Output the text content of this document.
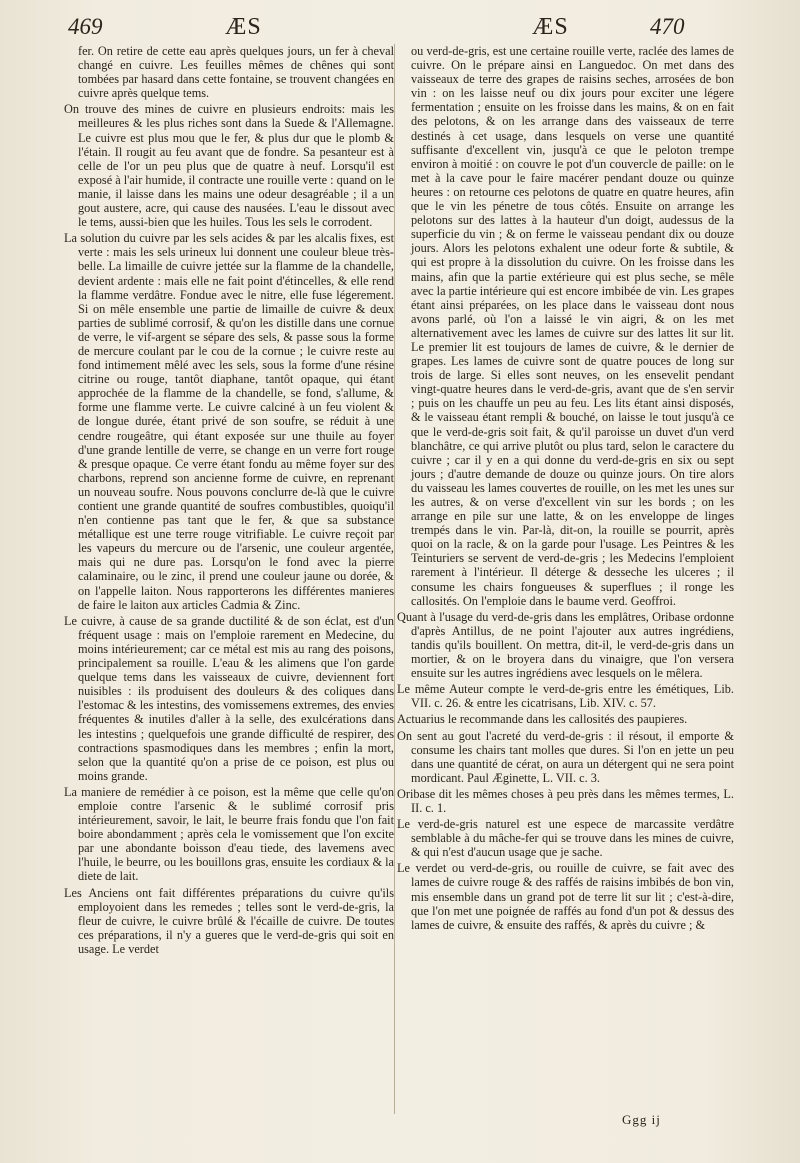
469	ÆS	ÆS	470

fer. On retire de cette eau après quelques jours, un fer à cheval changé en cuivre. Les feuilles mêmes de chênes qui sont tombées par hasard dans cette fontaine, se trouvent changées en cuivre après quelque tems.

On trouve des mines de cuivre en plusieurs endroits: mais les meilleures & les plus riches sont dans la Suede & l'Allemagne. Le cuivre est plus mou que le fer, & plus dur que le plomb & l'étain. Il rougit au feu avant que de fondre. Sa pesanteur est à celle de l'or un peu plus que de quatre à neuf. Lorsqu'il est exposé à l'air humide, il contracte une rouille verte : quand on le manie, il laisse dans les mains une odeur desagréable ; il a un gout austere, acre, qui cause des nausées. L'eau le dissout avec le tems, aussi-bien que les huiles. Tous les sels le corrodent.

La solution du cuivre par les sels acides & par les alcalis fixes, est verte : mais les sels urineux lui donnent une couleur bleue très-belle. La limaille de cuivre jettée sur la flamme de la chandelle, devient ardente : mais elle ne fait point d'étincelles, & elle rend la flamme verdâtre. Fondue avec le nitre, elle fuse légerement. Si on mêle ensemble une partie de limaille de cuivre & deux parties de sublimé corrosif, & qu'on les distille dans une cornue de verre, le vif-argent se sépare des sels, & passe sous la forme de mercure coulant par le cou de la cornue ; le cuivre reste au fond intimement mêlé avec les sels, sous la forme d'une résine citrine ou rouge, tantôt diaphane, tantôt opaque, qui étant approchée de la flamme de la chandelle, se fond, s'allume, & forme une flamme verte. Le cuivre calciné à un feu violent & de longue durée, étant privé de son soufre, se réduit à une cendre rougeâtre, qui étant exposée sur une thuile au foyer d'une grande lentille de verre, se change en un verre fort rouge & presque opaque. Ce verre étant fondu au même foyer sur des charbons, reprend son ancienne forme de cuivre, en reprenant un nouveau soufre. Nous pouvons conclurre de-là que le cuivre contient une grande quantité de soufres combustibles, quoiqu'il n'en contienne pas tant que le fer, & que sa substance métallique est une terre rouge vitrifiable. Le cuivre reçoit par les vapeurs du mercure ou de l'arsenic, une couleur argentée, mais qui ne dure pas. Lorsqu'on le fond avec la pierre calaminaire, ou le zinc, il prend une couleur jaune ou dorée, & on l'appelle laiton. Nous rapporterons les différentes manieres de faire le laiton aux articles Cadmia & Zinc.

Le cuivre, à cause de sa grande ductilité & de son éclat, est d'un fréquent usage : mais on l'emploie rarement en Medecine, du moins intérieurement; car ce métal est mis au rang des poisons, principalement sa rouille. L'eau & les alimens que l'on garde quelque tems dans les vaisseaux de cuivre, deviennent fort nuisibles : ils produisent des douleurs & des coliques dans l'estomac & les intestins, des vomissemens extremes, des envies fréquentes & inutiles d'aller à la selle, des exulcérations dans les intestins ; quelquefois une grande difficulté de respirer, des contractions spasmodiques dans les membres ; enfin la mort, selon que la quantité qu'on a prise de ce poison, est plus ou moins grande.

La maniere de remédier à ce poison, est la même que celle qu'on emploie contre l'arsenic & le sublimé corrosif pris intérieurement, savoir, le lait, le beurre frais fondu que l'on fait boire abondamment ; après cela le vomissement que l'on excite par une abondante boisson d'eau tiede, des lavemens avec l'huile, le beurre, ou les bouillons gras, ensuite les cordiaux & la diete de lait.

Les Anciens ont fait différentes préparations du cuivre qu'ils employoient dans les remedes ; telles sont le verd-de-gris, la fleur de cuivre, le cuivre brûlé & l'écaille de cuivre. De toutes ces préparations, il n'y a gueres que le verd-de-gris qui soit en usage. Le verdet

ou verd-de-gris, est une certaine rouille verte, raclée des lames de cuivre. On le prépare ainsi en Languedoc. On met dans des vaisseaux de terre des grapes de raisins seches, arrosées de bon vin : on les laisse neuf ou dix jours pour exciter une légere fermentation ; ensuite on les froisse dans les mains, & on en fait des pelotons, & on les arrange dans des vaisseaux de terre destinés à cet usage, dans lesquels on verse une quantité suffisante d'excellent vin, jusqu'à ce que le peloton trempe environ à moitié : on couvre le pot d'un couvercle de paille: on le met à la cave pour le faire macérer pendant douze ou quinze heures : on retourne ces pelotons de quatre en quatre heures, afin que le vin les pénetre de tous côtés. Ensuite on arrange les pelotons sur des lattes à la hauteur d'un doigt, audessus de la superficie du vin ; & on ferme le vaisseau pendant dix ou douze jours. Alors les pelotons exhalent une odeur forte & subtile, & qui est propre à la dissolution du cuivre. On les froisse dans les mains, afin que la partie extérieure qui est plus seche, se mêle avec la partie intérieure qui est encore imbibée de vin. Les grapes étant ainsi préparées, on les place dans le vaisseau dont nous avons parlé, où l'on a laissé le vin aigri, & on les met alternativement avec les lames de cuivre sur des lattes lit sur lit. Le premier lit est toujours de lames de cuivre, & le dernier de grapes. Les lames de cuivre sont de quatre pouces de long sur trois de large. Si elles sont neuves, on les ensevelit pendant vingt-quatre heures dans le verd-de-gris, avant que de s'en servir ; puis on les chauffe un peu au feu. Les lits étant ainsi disposés, & le vaisseau étant rempli & bouché, on laisse le tout jusqu'à ce que le verd-de-gris soit fait, & qu'il paroisse un duvet d'un verd blanchâtre, ce qui arrive plutôt ou plus tard, selon le caractere du cuivre ; car il y en a qui donne du verd-de-gris en six ou sept jours ; d'autre demande de douze ou quinze jours. On tire alors du vaisseau les lames couvertes de rouille, on les met les unes sur les autres, & on verse d'excellent vin sur les bords ; on les arrange en pile sur une latte, & on les enveloppe de linges trempés dans le vin. Par-là, dit-on, la rouille se pourrit, après quoi on la racle, & on la garde pour l'usage. Les Peintres & les Teinturiers se servent de verd-de-gris ; les Medecins l'emploient rarement à l'intérieur. Il déterge & desseche les ulceres ; il consume les chairs fongueuses & superflues ; il ronge les callosités. On l'emploie dans le baume verd. Geoffroi.

Quant à l'usage du verd-de-gris dans les emplâtres, Oribase ordonne d'après Antillus, de ne point l'ajouter aux autres ingrédiens, tandis qu'ils bouillent. On mettra, dit-il, le verd-de-gris dans un mortier, & on le broyera dans du vinaigre, que l'on versera ensuite sur les autres ingrédiens avec lesquels on le mêlera.

Le même Auteur compte le verd-de-gris entre les émétiques, Lib. VII. c. 26. & entre les cicatrisans, Lib. XIV. c. 57.

Actuarius le recommande dans les callosités des paupieres.

On sent au gout l'acreté du verd-de-gris : il résout, il emporte & consume les chairs tant molles que dures. Si l'on en jette un peu dans une quantité de cérat, on aura un détergent qui ne sera point mordicant. Paul Æginette, L. VII. c. 3.

Oribase dit les mêmes choses à peu près dans les mêmes termes, L. II. c. 1.

Le verd-de-gris naturel est une espece de marcassite verdâtre semblable à du mâche-fer qui se trouve dans les mines de cuivre, & qui n'est d'aucun usage que je sache.

Le verdet ou verd-de-gris, ou rouille de cuivre, se fait avec des lames de cuivre rouge & des raffés de raisins imbibés de bon vin, mis ensemble dans un grand pot de terre lit sur lit ; c'est-à-dire, que l'on met une poignée de raffés au fond d'un pot & dessus des lames de cuivre, & ensuite des raffés, & après du cuivre ; &

Ggg ij
